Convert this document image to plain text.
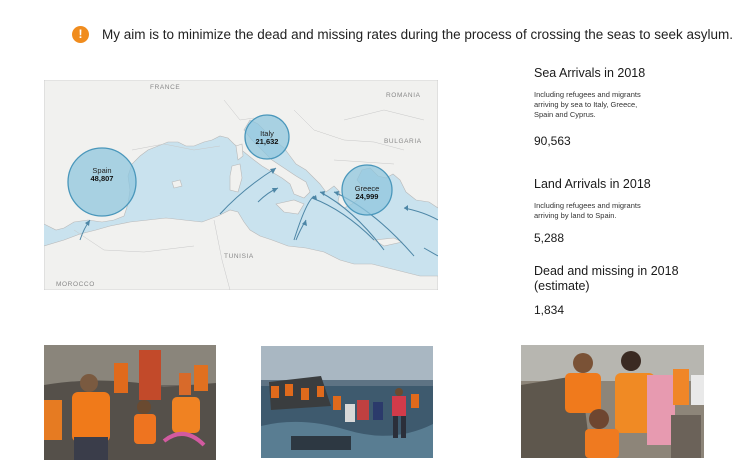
!	My aim is to minimize the dead and missing rates during the process of crossing the seas to seek asylum.
FRANCE
ROMANIA
BULGARIA
TUNISIA
MOROCCO
Spain
48,807
Italy
21,632
Greece
24,999
Sea Arrivals in 2018
Including refugees and migrants
arriving by sea to Italy, Greece,
Spain and Cyprus.
90,563
Land Arrivals in 2018
Including refugees and migrants
arriving by land to Spain.
5,288
Dead and missing in 2018
(estimate)
1,834
